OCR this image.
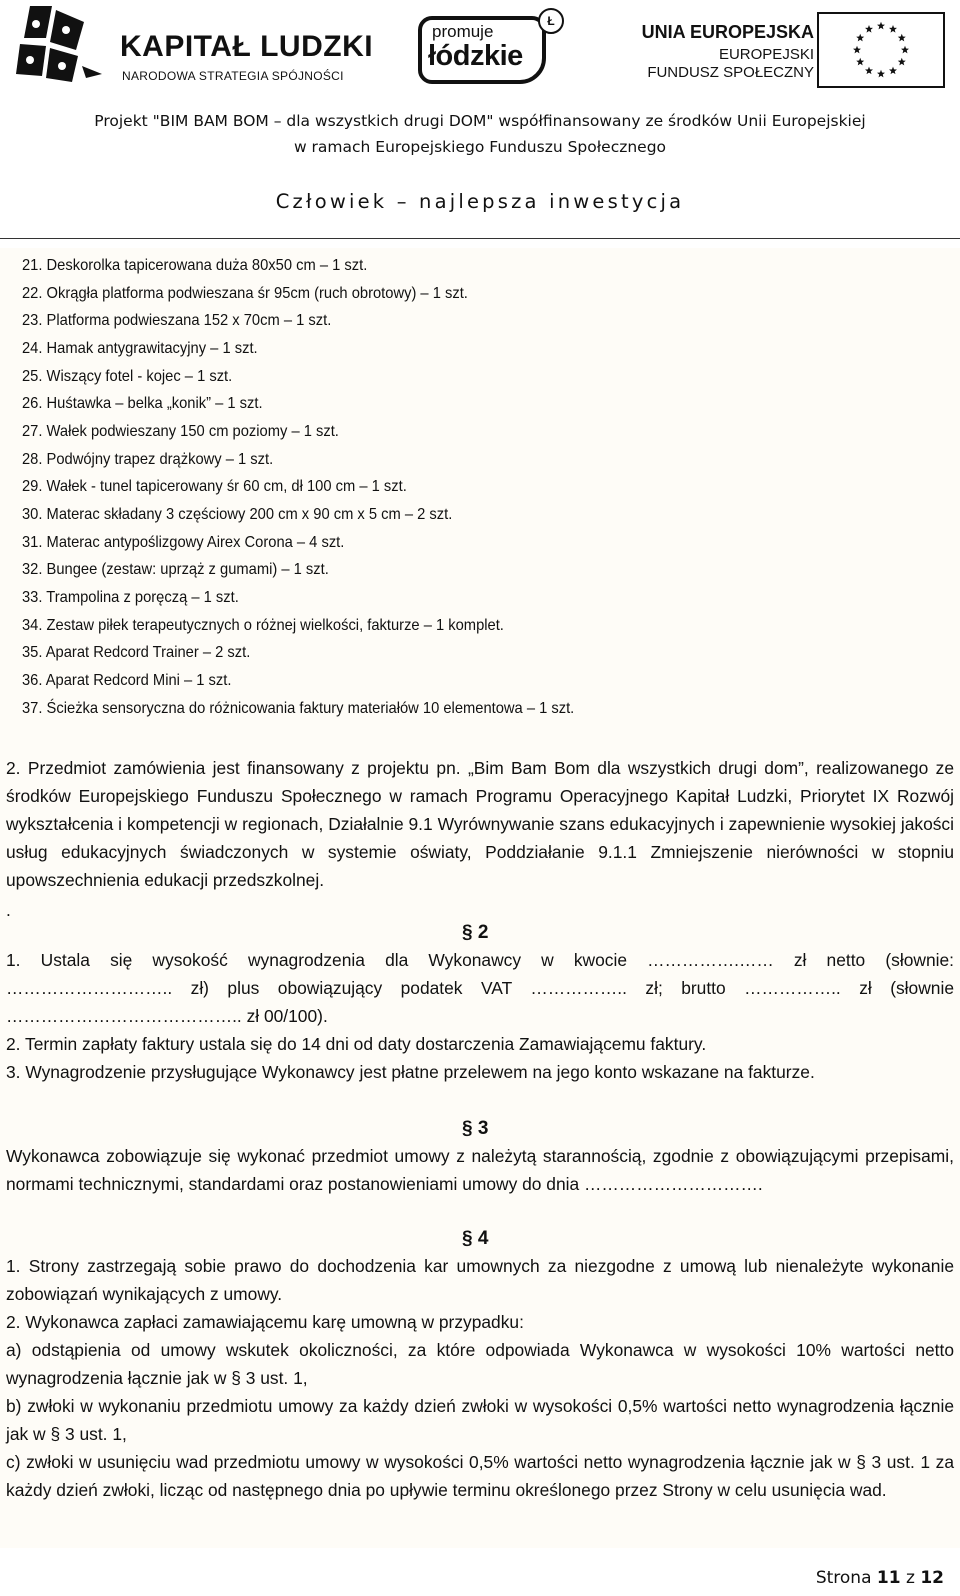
KAPITAŁ LUDZKI
NARODOWA STRATEGIA SPÓJNOŚCI
promuje
łódzkie
Ł
UNIA EUROPEJSKA
EUROPEJSKI
FUNDUSZ SPOŁECZNY
Projekt "BIM BAM BOM – dla wszystkich drugi DOM" współfinansowany ze środków Unii Europejskiej
w ramach Europejskiego Funduszu Społecznego
Człowiek – najlepsza inwestycja
21. Deskorolka tapicerowana duża 80x50 cm – 1 szt.
22. Okrągła platforma podwieszana śr 95cm (ruch obrotowy) – 1 szt.
23. Platforma podwieszana 152 x 70cm – 1 szt.
24. Hamak antygrawitacyjny – 1 szt.
25. Wiszący fotel - kojec – 1 szt.
26. Huśtawka – belka „konik” – 1 szt.
27. Wałek podwieszany 150 cm poziomy – 1 szt.
28. Podwójny trapez drążkowy – 1 szt.
29. Wałek - tunel tapicerowany śr 60 cm, dł 100 cm – 1 szt.
30. Materac składany 3 częściowy 200 cm x 90 cm x 5 cm – 2 szt.
31. Materac antypoślizgowy Airex Corona – 4 szt.
32. Bungee (zestaw: uprząż z gumami) – 1 szt.
33. Trampolina z poręczą – 1 szt.
34. Zestaw piłek terapeutycznych o różnej wielkości, fakturze – 1 komplet.
35. Aparat Redcord Trainer – 2 szt.
36. Aparat Redcord Mini – 1 szt.
37. Ścieżka sensoryczna do różnicowania faktury materiałów 10 elementowa – 1 szt.
2. Przedmiot zamówienia jest finansowany z projektu pn. „Bim Bam Bom dla wszystkich drugi dom”, realizowanego ze środków Europejskiego Funduszu Społecznego w ramach Programu Operacyjnego Kapitał Ludzki, Priorytet IX Rozwój wykształcenia i kompetencji w regionach, Działalnie 9.1 Wyrównywanie szans edukacyjnych i zapewnienie wysokiej jakości usług edukacyjnych świadczonych w systemie oświaty, Poddziałanie 9.1.1 Zmniejszenie nierówności w stopniu upowszechnienia edukacji przedszkolnej.
.
§ 2
1. Ustala się wysokość wynagrodzenia dla Wykonawcy w kwocie …………….…… zł netto (słownie:
……………………….. zł) plus obowiązujący podatek VAT …………….. zł; brutto …………….. zł (słownie
………………………………….. zł 00/100).
2. Termin zapłaty faktury ustala się do 14 dni od daty dostarczenia Zamawiającemu faktury.
3. Wynagrodzenie przysługujące Wykonawcy jest płatne przelewem na jego konto wskazane na fakturze.
§ 3
Wykonawca zobowiązuje się wykonać przedmiot umowy z należytą starannością, zgodnie z obowiązującymi przepisami, normami technicznymi, standardami oraz postanowieniami umowy do dnia ………………………….
§ 4
1. Strony zastrzegają sobie prawo do dochodzenia kar umownych za niezgodne z umową lub nienależyte wykonanie zobowiązań wynikających z umowy.
2. Wykonawca zapłaci zamawiającemu karę umowną w przypadku:
a) odstąpienia od umowy wskutek okoliczności, za które odpowiada Wykonawca w wysokości 10% wartości netto wynagrodzenia łącznie jak w § 3 ust. 1,
b) zwłoki w wykonaniu przedmiotu umowy za każdy dzień zwłoki w wysokości 0,5% wartości netto wynagrodzenia łącznie jak w § 3 ust. 1,
c) zwłoki w usunięciu wad przedmiotu umowy w wysokości 0,5% wartości netto wynagrodzenia łącznie jak w § 3 ust. 1 za każdy dzień zwłoki, licząc od następnego dnia po upływie terminu określonego przez Strony w celu usunięcia wad.
Strona 11 z 12
